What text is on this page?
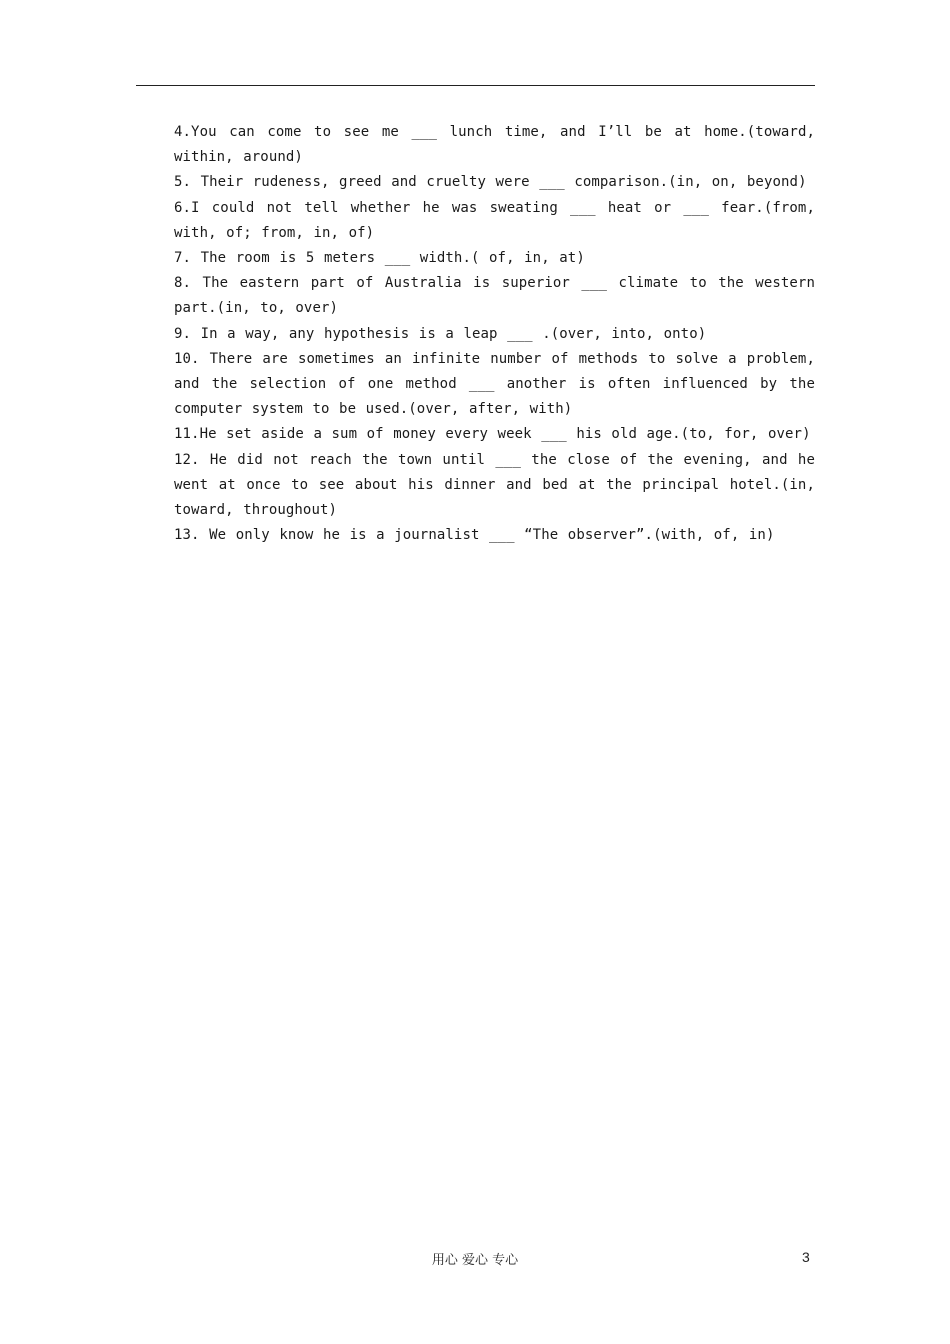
4.You can come to see me ___ lunch time, and I’ll be at home.(toward, within, around)

5. Their rudeness, greed and cruelty were ___ comparison.(in, on, beyond)

6.I could not tell whether he was sweating ___ heat or ___ fear.(from, with, of; from, in, of)

7. The room is 5 meters ___ width.( of, in, at)

8. The eastern part of Australia is superior ___ climate to the western part.(in, to, over)

9. In a way, any hypothesis is a leap ___ .(over, into, onto)

10. There are sometimes an infinite number of methods to solve a problem, and the selection of one method ___ another is often influenced by the computer system to be used.(over, after, with)

11.He set aside a sum of money every week ___ his old age.(to, for, over)

12. He did not reach the town until ___ the close of the evening, and he went at once to see about his dinner and bed at the principal hotel.(in, toward, throughout)

13. We only know he is a journalist ___ “The observer”.(with, of, in)

用心 爱心 专心	3
